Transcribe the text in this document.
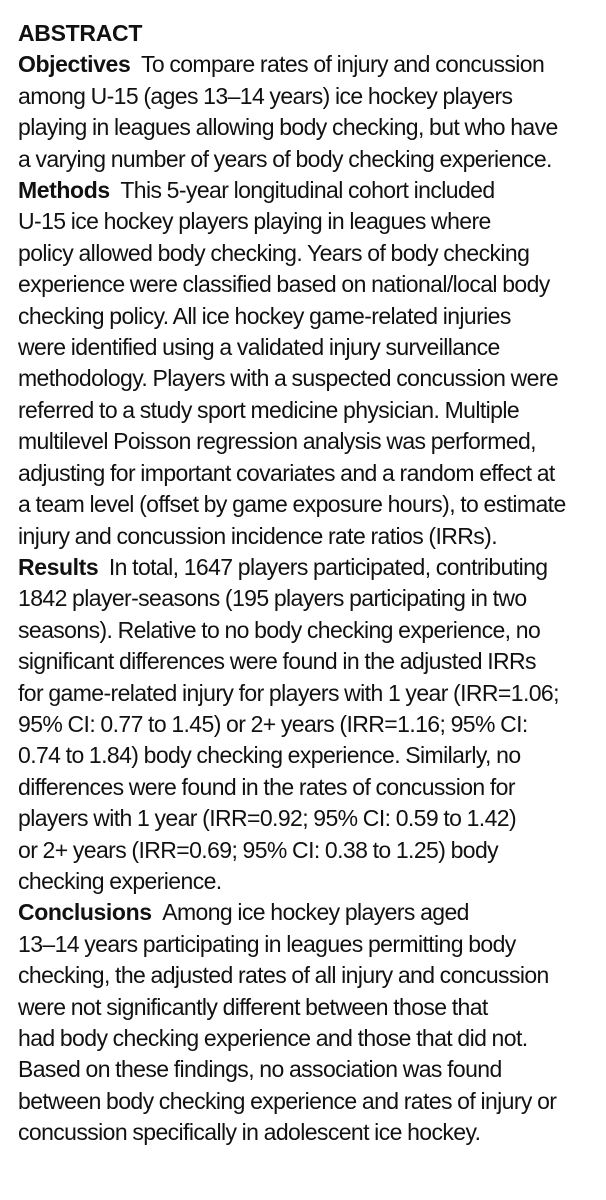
ABSTRACT
Objectives To compare rates of injury and concussion
among U-15 (ages 13–14 years) ice hockey players
playing in leagues allowing body checking, but who have
a varying number of years of body checking experience.
Methods This 5-year longitudinal cohort included
U-15 ice hockey players playing in leagues where
policy allowed body checking. Years of body checking
experience were classified based on national/local body
checking policy. All ice hockey game-related injuries
were identified using a validated injury surveillance
methodology. Players with a suspected concussion were
referred to a study sport medicine physician. Multiple
multilevel Poisson regression analysis was performed,
adjusting for important covariates and a random effect at
a team level (offset by game exposure hours), to estimate
injury and concussion incidence rate ratios (IRRs).
Results In total, 1647 players participated, contributing
1842 player-seasons (195 players participating in two
seasons). Relative to no body checking experience, no
significant differences were found in the adjusted IRRs
for game-related injury for players with 1 year (IRR=1.06;
95% CI: 0.77 to 1.45) or 2+ years (IRR=1.16; 95% CI:
0.74 to 1.84) body checking experience. Similarly, no
differences were found in the rates of concussion for
players with 1 year (IRR=0.92; 95% CI: 0.59 to 1.42)
or 2+ years (IRR=0.69; 95% CI: 0.38 to 1.25) body
checking experience.
Conclusions Among ice hockey players aged
13–14 years participating in leagues permitting body
checking, the adjusted rates of all injury and concussion
were not significantly different between those that
had body checking experience and those that did not.
Based on these findings, no association was found
between body checking experience and rates of injury or
concussion specifically in adolescent ice hockey.
